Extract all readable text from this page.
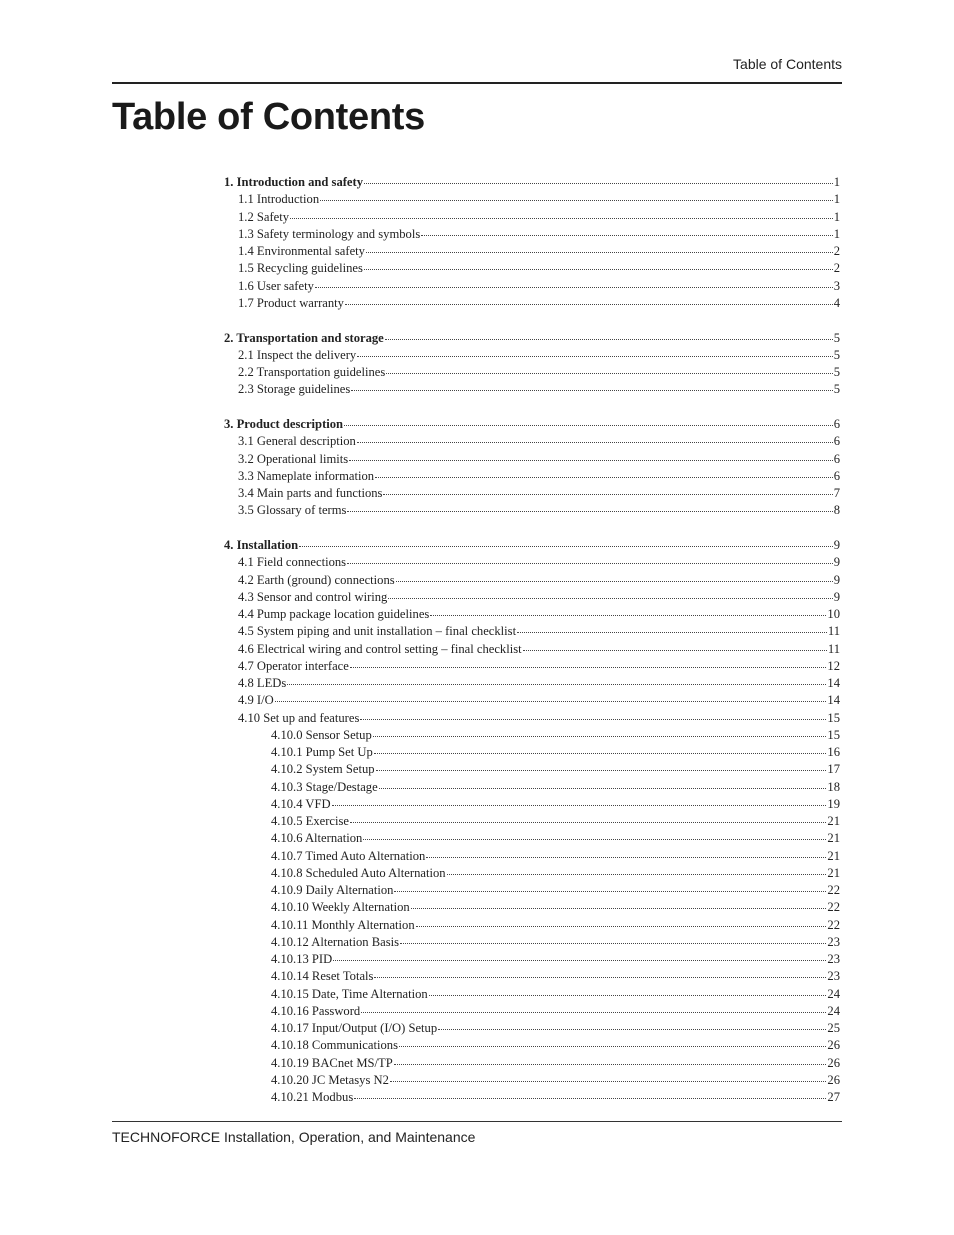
Table of Contents
Table of Contents
1. Introduction and safety	1
1.1 Introduction	1
1.2 Safety	1
1.3 Safety terminology and symbols	1
1.4 Environmental safety	2
1.5 Recycling guidelines	2
1.6 User safety	3
1.7 Product warranty	4
2. Transportation and storage	5
2.1 Inspect the delivery	5
2.2 Transportation guidelines	5
2.3 Storage guidelines	5
3. Product description	6
3.1 General description	6
3.2 Operational limits	6
3.3 Nameplate information	6
3.4 Main parts and functions	7
3.5 Glossary of terms	8
4. Installation	9
4.1 Field connections	9
4.2 Earth (ground) connections	9
4.3 Sensor and control wiring	9
4.4 Pump package location guidelines	10
4.5 System piping and unit installation – final checklist	11
4.6 Electrical wiring and control setting – final checklist	11
4.7 Operator interface	12
4.8 LEDs	14
4.9 I/O	14
4.10 Set up and features	15
4.10.0 Sensor Setup	15
4.10.1 Pump Set Up	16
4.10.2 System Setup	17
4.10.3 Stage/Destage	18
4.10.4 VFD	19
4.10.5 Exercise	21
4.10.6 Alternation	21
4.10.7 Timed Auto Alternation	21
4.10.8 Scheduled Auto Alternation	21
4.10.9 Daily Alternation	22
4.10.10 Weekly Alternation	22
4.10.11 Monthly Alternation	22
4.10.12 Alternation Basis	23
4.10.13 PID	23
4.10.14 Reset Totals	23
4.10.15 Date, Time Alternation	24
4.10.16 Password	24
4.10.17 Input/Output (I/O) Setup	25
4.10.18 Communications	26
4.10.19 BACnet MS/TP	26
4.10.20 JC Metasys N2	26
4.10.21 Modbus	27
TECHNOFORCE Installation, Operation, and Maintenance
